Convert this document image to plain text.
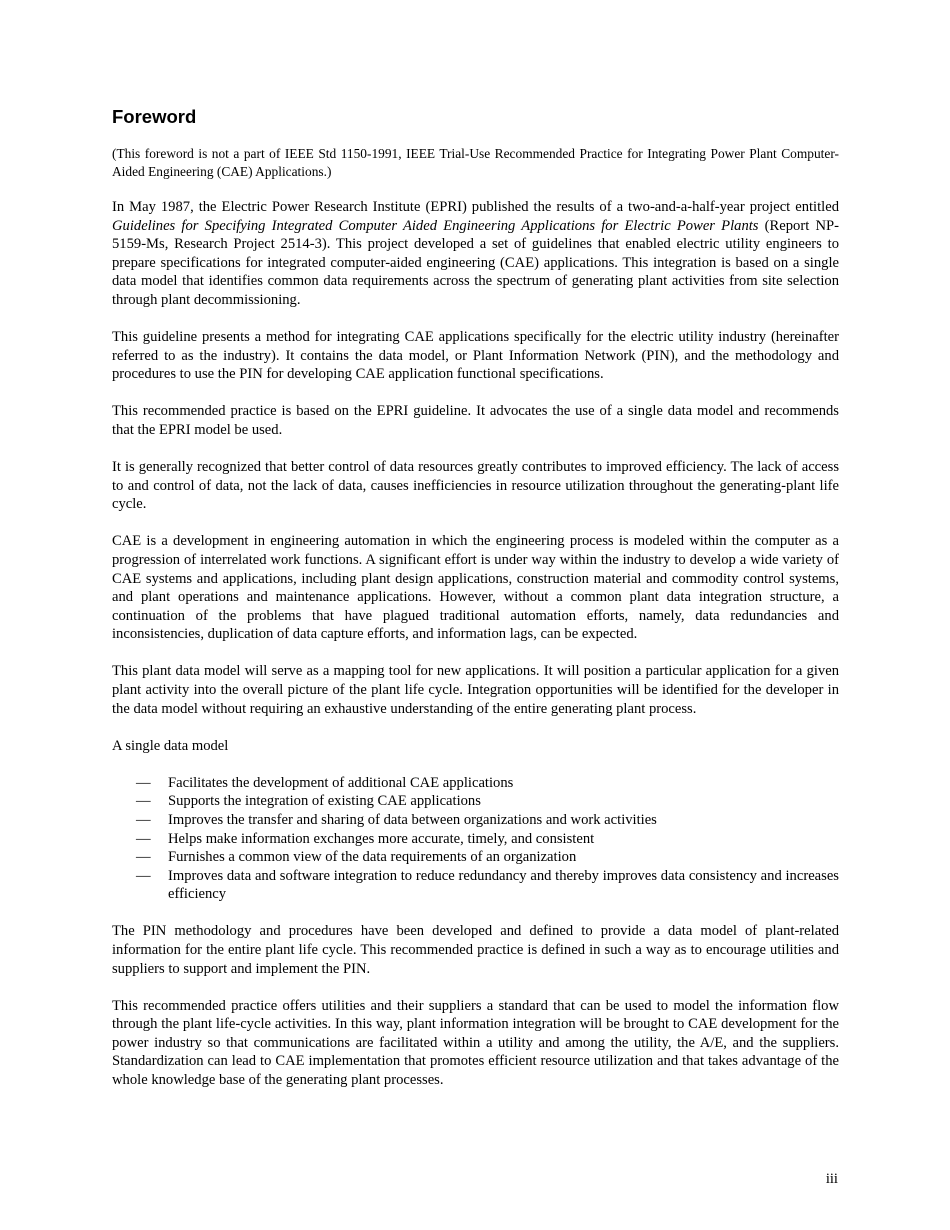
Foreword
(This foreword is not a part of IEEE Std 1150-1991, IEEE Trial-Use Recommended Practice for Integrating Power Plant Computer-Aided Engineering (CAE) Applications.)

In May 1987, the Electric Power Research Institute (EPRI) published the results of a two-and-a-half-year project entitled Guidelines for Specifying Integrated Computer Aided Engineering Applications for Electric Power Plants (Report NP-5159-Ms, Research Project 2514-3). This project developed a set of guidelines that enabled electric utility engineers to prepare specifications for integrated computer-aided engineering (CAE) applications. This integration is based on a single data model that identifies common data requirements across the spectrum of generating plant activities from site selection through plant decommissioning.

This guideline presents a method for integrating CAE applications specifically for the electric utility industry (hereinafter referred to as the industry). It contains the data model, or Plant Information Network (PIN), and the methodology and procedures to use the PIN for developing CAE application functional specifications.

This recommended practice is based on the EPRI guideline. It advocates the use of a single data model and recommends that the EPRI model be used.

It is generally recognized that better control of data resources greatly contributes to improved efficiency. The lack of access to and control of data, not the lack of data, causes inefficiencies in resource utilization throughout the generating-plant life cycle.

CAE is a development in engineering automation in which the engineering process is modeled within the computer as a progression of interrelated work functions. A significant effort is under way within the industry to develop a wide variety of CAE systems and applications, including plant design applications, construction material and commodity control systems, and plant operations and maintenance applications. However, without a common plant data integration structure, a continuation of the problems that have plagued traditional automation efforts, namely, data redundancies and inconsistencies, duplication of data capture efforts, and information lags, can be expected.

This plant data model will serve as a mapping tool for new applications. It will position a particular application for a given plant activity into the overall picture of the plant life cycle. Integration opportunities will be identified for the developer in the data model without requiring an exhaustive understanding of the entire generating plant process.

A single data model

— Facilitates the development of additional CAE applications
— Supports the integration of existing CAE applications
— Improves the transfer and sharing of data between organizations and work activities
— Helps make information exchanges more accurate, timely, and consistent
— Furnishes a common view of the data requirements of an organization
— Improves data and software integration to reduce redundancy and thereby improves data consistency and increases efficiency

The PIN methodology and procedures have been developed and defined to provide a data model of plant-related information for the entire plant life cycle. This recommended practice is defined in such a way as to encourage utilities and suppliers to support and implement the PIN.

This recommended practice offers utilities and their suppliers a standard that can be used to model the information flow through the plant life-cycle activities. In this way, plant information integration will be brought to CAE development for the power industry so that communications are facilitated within a utility and among the utility, the A/E, and the suppliers. Standardization can lead to CAE implementation that promotes efficient resource utilization and that takes advantage of the whole knowledge base of the generating plant processes.

iii
